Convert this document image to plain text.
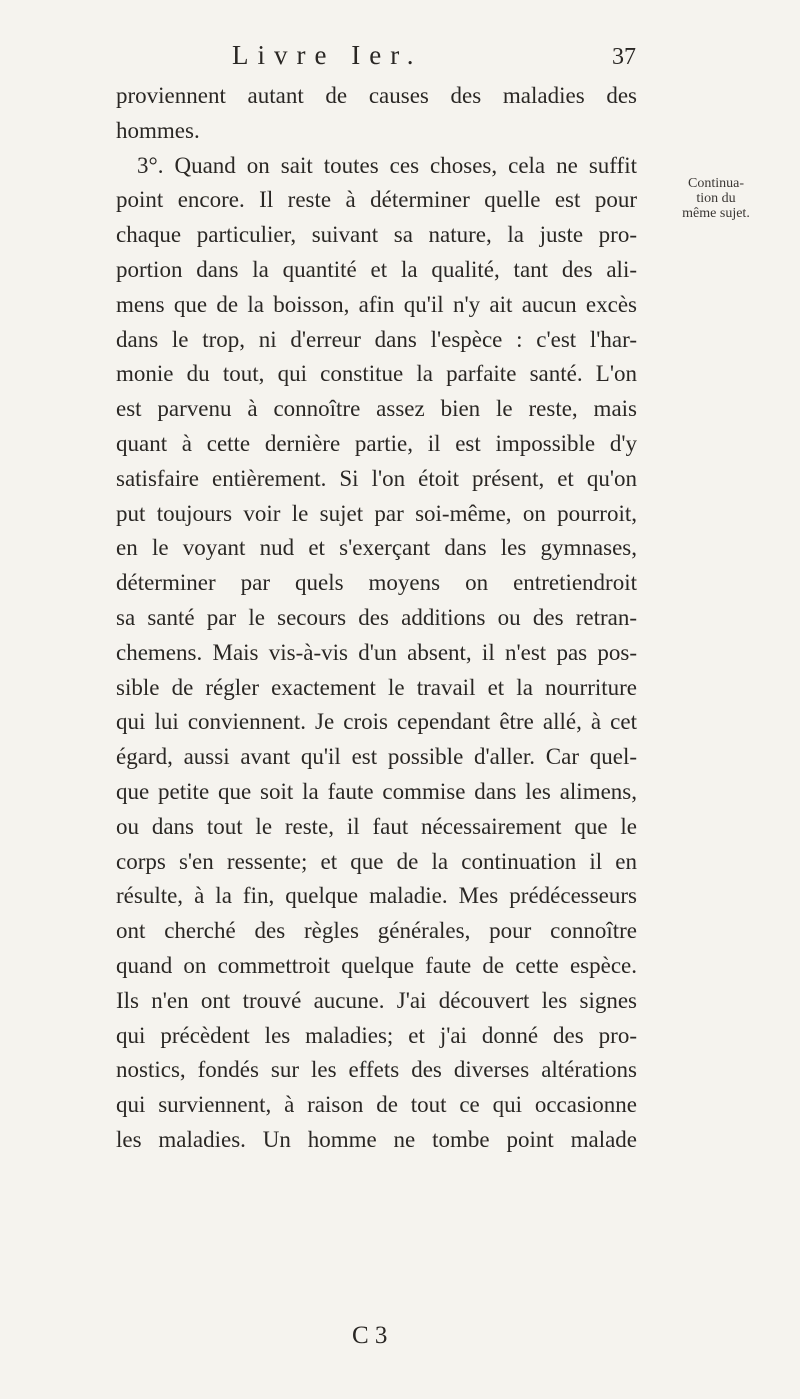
Livre Ier.	37
proviennent autant de causes des maladies des
hommes.
3°. Quand on sait toutes ces choses, cela ne suffit
point encore. Il reste à déterminer quelle est pour
chaque particulier, suivant sa nature, la juste pro-
portion dans la quantité et la qualité, tant des ali-
mens que de la boisson, afin qu'il n'y ait aucun excès
dans le trop, ni d'erreur dans l'espèce : c'est l'har-
monie du tout, qui constitue la parfaite santé. L'on
est parvenu à connoître assez bien le reste, mais
quant à cette dernière partie, il est impossible d'y
satisfaire entièrement. Si l'on étoit présent, et qu'on
put toujours voir le sujet par soi-même, on pourroit,
en le voyant nud et s'exerçant dans les gymnases,
déterminer par quels moyens on entretiendroit
sa santé par le secours des additions ou des retran-
chemens. Mais vis-à-vis d'un absent, il n'est pas pos-
sible de régler exactement le travail et la nourriture
qui lui conviennent. Je crois cependant être allé, à cet
égard, aussi avant qu'il est possible d'aller. Car quel-
que petite que soit la faute commise dans les alimens,
ou dans tout le reste, il faut nécessairement que le
corps s'en ressente; et que de la continuation il en
résulte, à la fin, quelque maladie. Mes prédécesseurs
ont cherché des règles générales, pour connoître
quand on commettroit quelque faute de cette espèce.
Ils n'en ont trouvé aucune. J'ai découvert les signes
qui précèdent les maladies; et j'ai donné des pro-
nostics, fondés sur les effets des diverses altérations
qui surviennent, à raison de tout ce qui occasionne
les maladies. Un homme ne tombe point malade
Continua-
tion du
même sujet.
C 3
